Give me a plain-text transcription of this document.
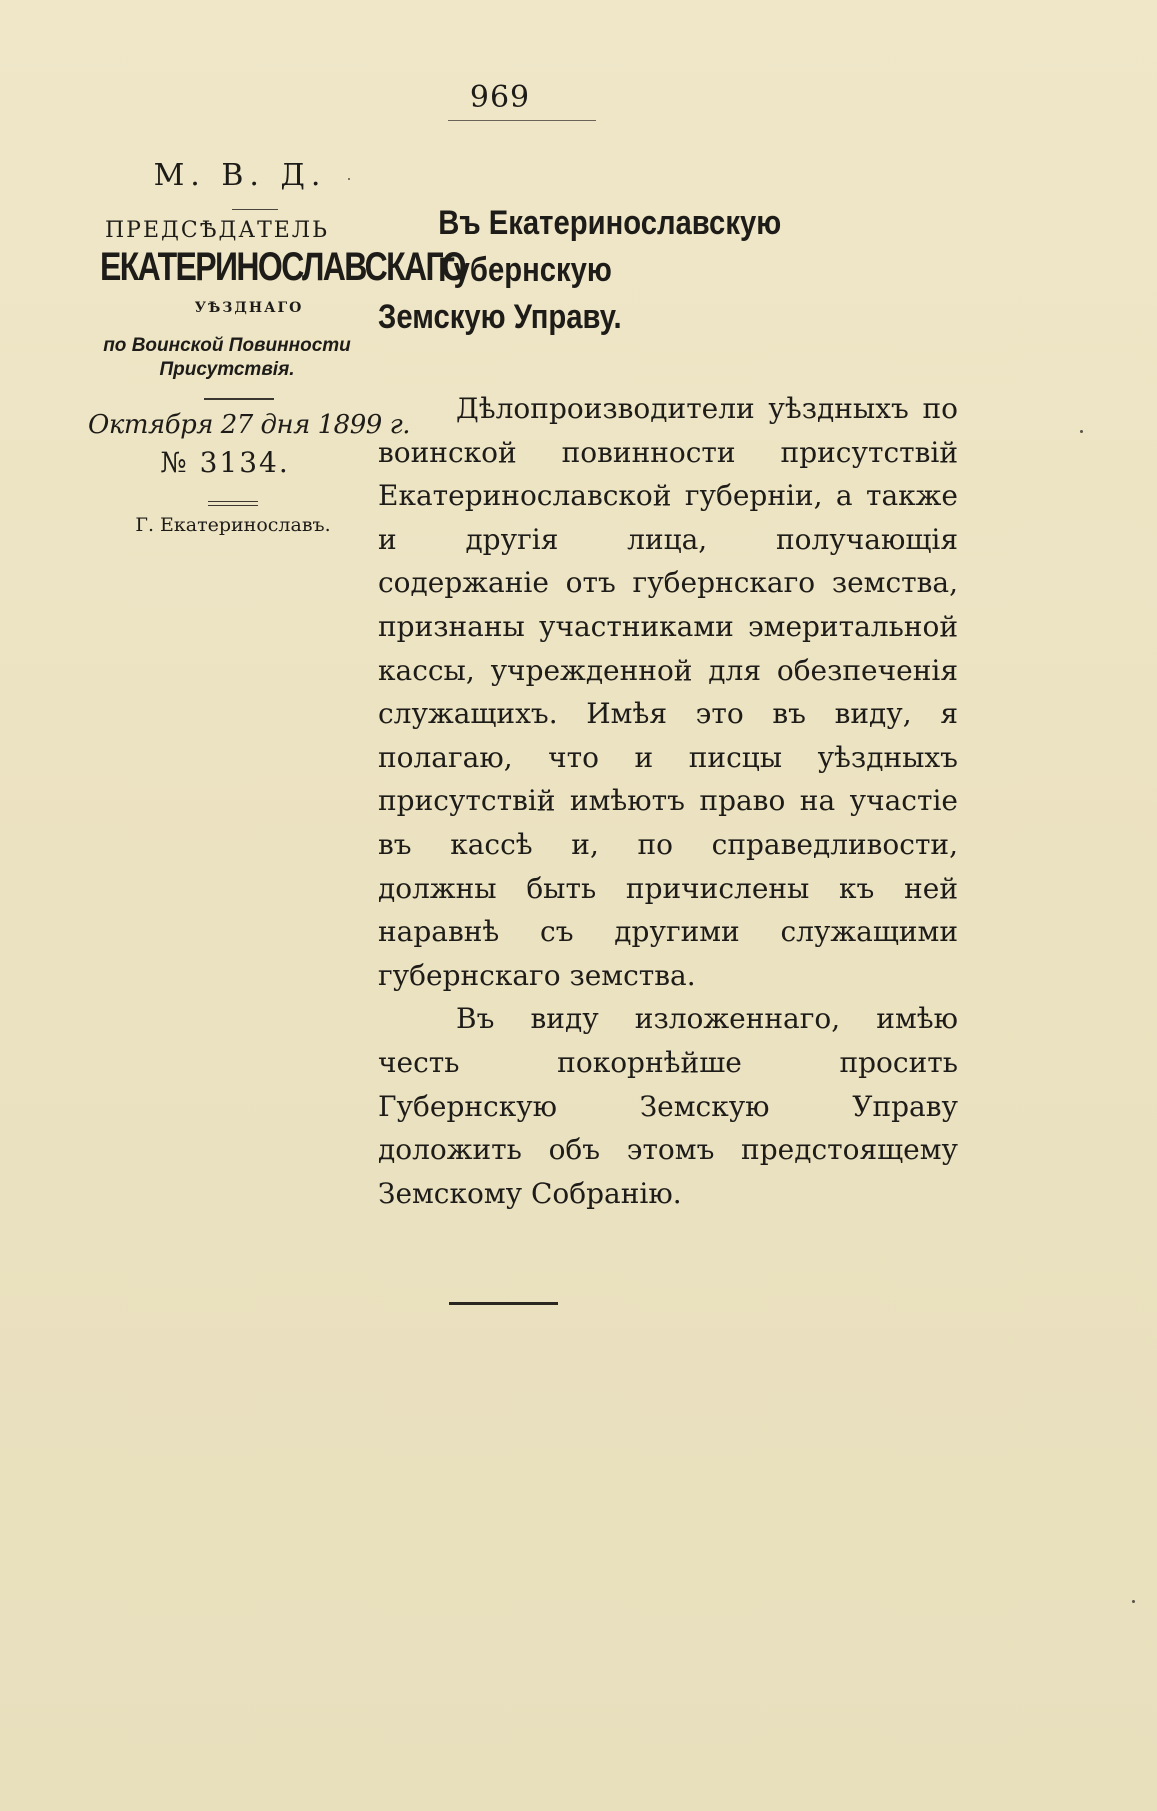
969
М. В. Д.
ПРЕДСѢДАТЕЛЬ
ЕКАТЕРИНОСЛАВСКАГО
УѢЗДНАГО
по Воинской Повинности
Присутствія.
Октября 27 дня 1899 г.
№ 3134.
Г. Екатеринославъ.
Въ Екатеринославскую Губернскую
Земскую Управу.

Дѣлопроизводители уѣздныхъ по воинской повинности присутствій Екатеринославской губерніи, а также и другія лица, получающія содержаніе отъ губернскаго земства, признаны участниками эмеритальной кассы, учрежденной для обезпеченія служащихъ. Имѣя это въ виду, я полагаю, что и писцы уѣздныхъ присутствій имѣютъ право на участіе въ кассѣ и, по справедливости, должны быть причислены къ ней наравнѣ съ другими служащими губернскаго земства.

Въ виду изложеннаго, имѣю честь покорнѣйше просить Губернскую Земскую Управу доложить объ этомъ предстоящему Земскому Собранію.
